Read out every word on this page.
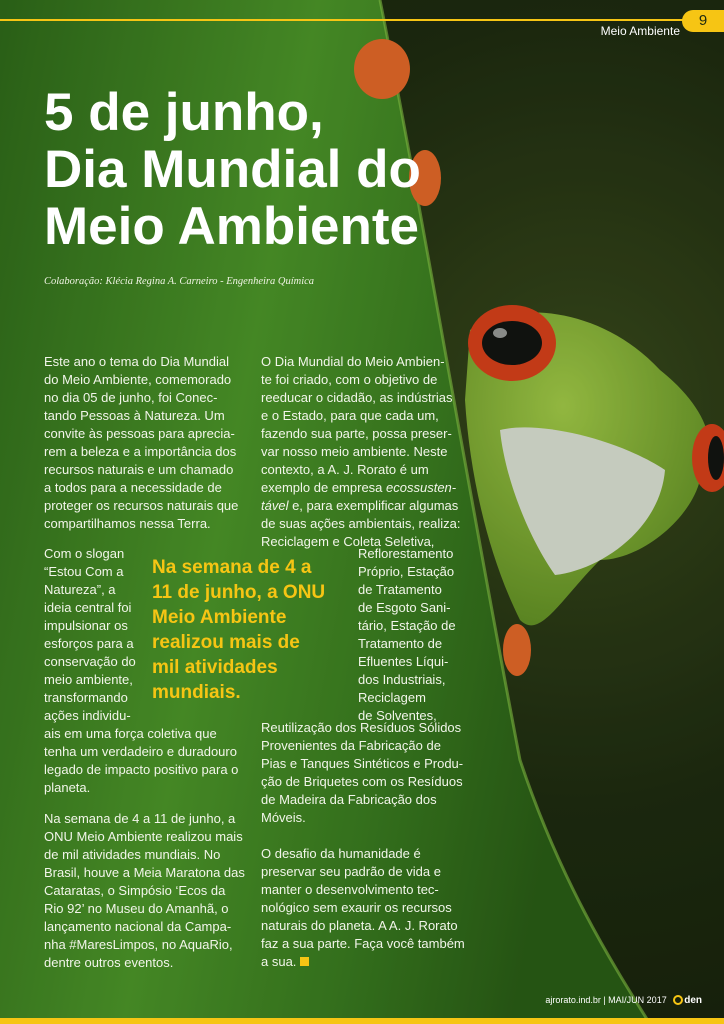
Meio Ambiente
9
5 de junho,
Dia Mundial do
Meio Ambiente
Colaboração: Klécia Regina A. Carneiro - Engenheira Química

Este ano o tema do Dia Mundial
do Meio Ambiente, comemorado
no dia 05 de junho, foi Conec-
tando Pessoas à Natureza. Um
convite às pessoas para aprecia-
rem a beleza e a importância dos
recursos naturais e um chamado
a todos para a necessidade de
proteger os recursos naturais que
compartilhamos nessa Terra.

Com o slogan
“Estou Com a
Natureza”, a
ideia central foi
impulsionar os
esforços para a
conservação do
meio ambiente,
transformando
ações individu-
ais em uma força coletiva que
tenha um verdadeiro e duradouro
legado de impacto positivo para o
planeta.

Na semana de 4 a 11 de junho, a
ONU Meio Ambiente realizou mais
de mil atividades mundiais. No
Brasil, houve a Meia Maratona das
Cataratas, o Simpósio ‘Ecos da
Rio 92’ no Museu do Amanhã, o
lançamento nacional da Campa-
nha #MaresLimpos, no AquaRio,
dentre outros eventos.

Na semana de 4 a
11 de junho, a ONU
Meio Ambiente
realizou mais de
mil atividades
mundiais.

O Dia Mundial do Meio Ambien-
te foi criado, com o objetivo de
reeducar o cidadão, as indústrias
e o Estado, para que cada um,
fazendo sua parte, possa preser-
var nosso meio ambiente. Neste
contexto, a A. J. Rorato é um
exemplo de empresa ecossusten-
tável e, para exemplificar algumas
de suas ações ambientais, realiza:
Reciclagem e Coleta Seletiva,

Reflorestamento
Próprio, Estação
de Tratamento
de Esgoto Sani-
tário, Estação de
Tratamento de
Efluentes Líqui-
dos Industriais,
Reciclagem
de Solventes,

Reutilização dos Resíduos Sólidos
Provenientes da Fabricação de
Pias e Tanques Sintéticos e Produ-
ção de Briquetes com os Resíduos
de Madeira da Fabricação dos
Móveis.

O desafio da humanidade é
preservar seu padrão de vida e
manter o desenvolvimento tec-
nológico sem exaurir os recursos
naturais do planeta. A A. J. Rorato
faz a sua parte. Faça você também
a sua.

ajrorato.ind.br | MAI/JUN 2017 den
